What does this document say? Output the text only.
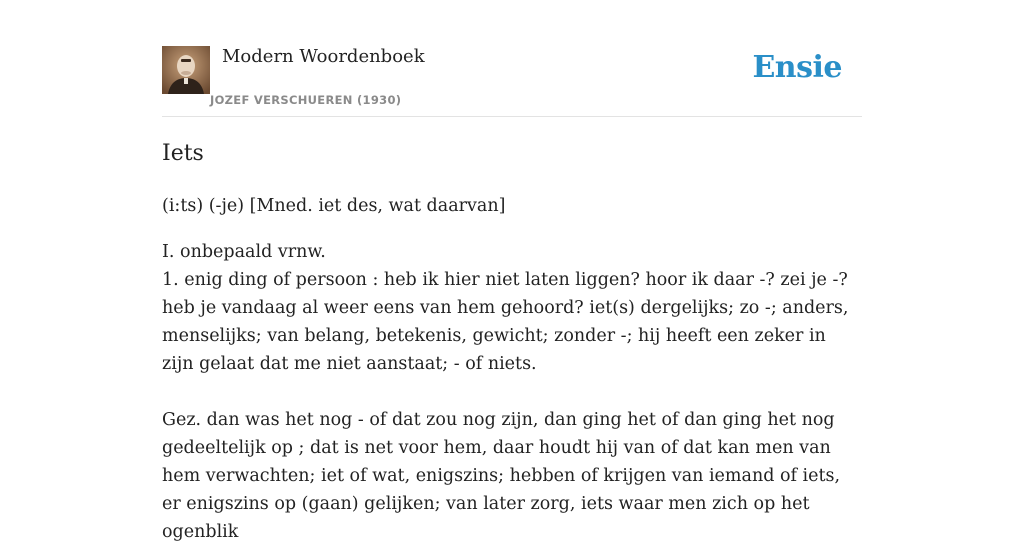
Modern Woordenboek
JOZEF VERSCHUEREN (1930)
Ensie
Iets

(i:ts) (-je) [Mned. iet des, wat daarvan]

I. onbepaald vrnw.

1. enig ding of persoon : heb ik hier niet laten liggen? hoor ik daar -? zei je -? heb je vandaag al weer eens van hem gehoord? iet(s) dergelijks; zo -; anders, menselijks; van belang, betekenis, gewicht; zonder -; hij heeft een zeker in zijn gelaat dat me niet aanstaat; - of niets.

Gez. dan was het nog - of dat zou nog zijn, dan ging het of dan ging het nog gedeeltelijk op ; dat is net voor hem, daar houdt hij van of dat kan men van hem verwachten; iet of wat, enigszins; hebben of krijgen van iemand of iets, er enigszins op (gaan) gelijken; van later zorg, iets waar men zich op het ogenblik
